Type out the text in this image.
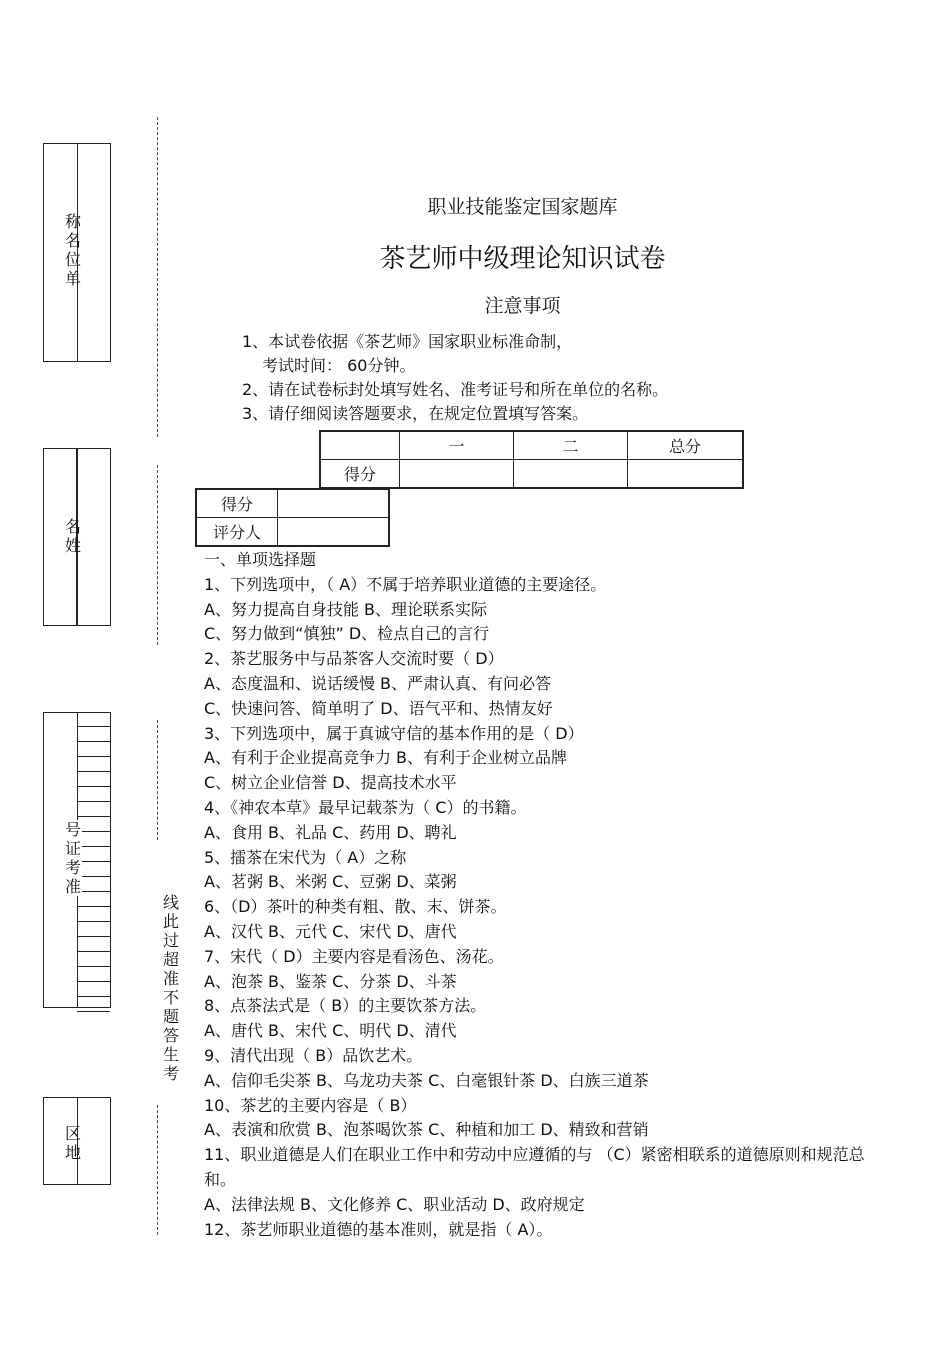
称
名
位
单
名
姓
号
证
考
准
区
地
线
此
过
超
准
不
题
答
生
考
职业技能鉴定国家题库
茶艺师中级理论知识试卷
注意事项
1、本试卷依据《茶艺师》国家职业标准命制，
考试时间： 60分钟。
2、请在试卷标封处填写姓名、准考证号和所在单位的名称。
3、请仔细阅读答题要求，在规定位置填写答案。
	一	二	总分
得分			
得分	
评分人	
一、单项选择题
1、下列选项中，（ A）不属于培养职业道德的主要途径。
A、努力提高自身技能 B、理论联系实际
C、努力做到“慎独” D、检点自己的言行
2、茶艺服务中与品茶客人交流时要（ D）
A、态度温和、说话缓慢 B、严肃认真、有问必答
C、快速问答、简单明了 D、语气平和、热情友好
3、下列选项中，属于真诚守信的基本作用的是（ D）
A、有利于企业提高竞争力 B、有利于企业树立品牌
C、树立企业信誉 D、提高技术水平
4、《神农本草》最早记载茶为（ C）的书籍。
A、食用 B、礼品 C、药用 D、聘礼
5、擂茶在宋代为（ A）之称
A、茗粥 B、米粥 C、豆粥 D、菜粥
6、（D）茶叶的种类有粗、散、末、饼茶。
A、汉代 B、元代 C、宋代 D、唐代
7、宋代（ D）主要内容是看汤色、汤花。
A、泡茶 B、鉴茶 C、分茶 D、斗茶
8、点茶法式是（ B）的主要饮茶方法。
A、唐代 B、宋代 C、明代 D、清代
9、清代出现（ B）品饮艺术。
A、信仰毛尖茶 B、乌龙功夫茶 C、白毫银针茶 D、白族三道茶
10、茶艺的主要内容是（ B）
A、表演和欣赏 B、泡茶喝饮茶 C、种植和加工 D、精致和营销
11、职业道德是人们在职业工作中和劳动中应遵循的与 （C）紧密相联系的道德原则和规范总和。
A、法律法规 B、文化修养 C、职业活动 D、政府规定
12、茶艺师职业道德的基本准则，就是指（ A）。
